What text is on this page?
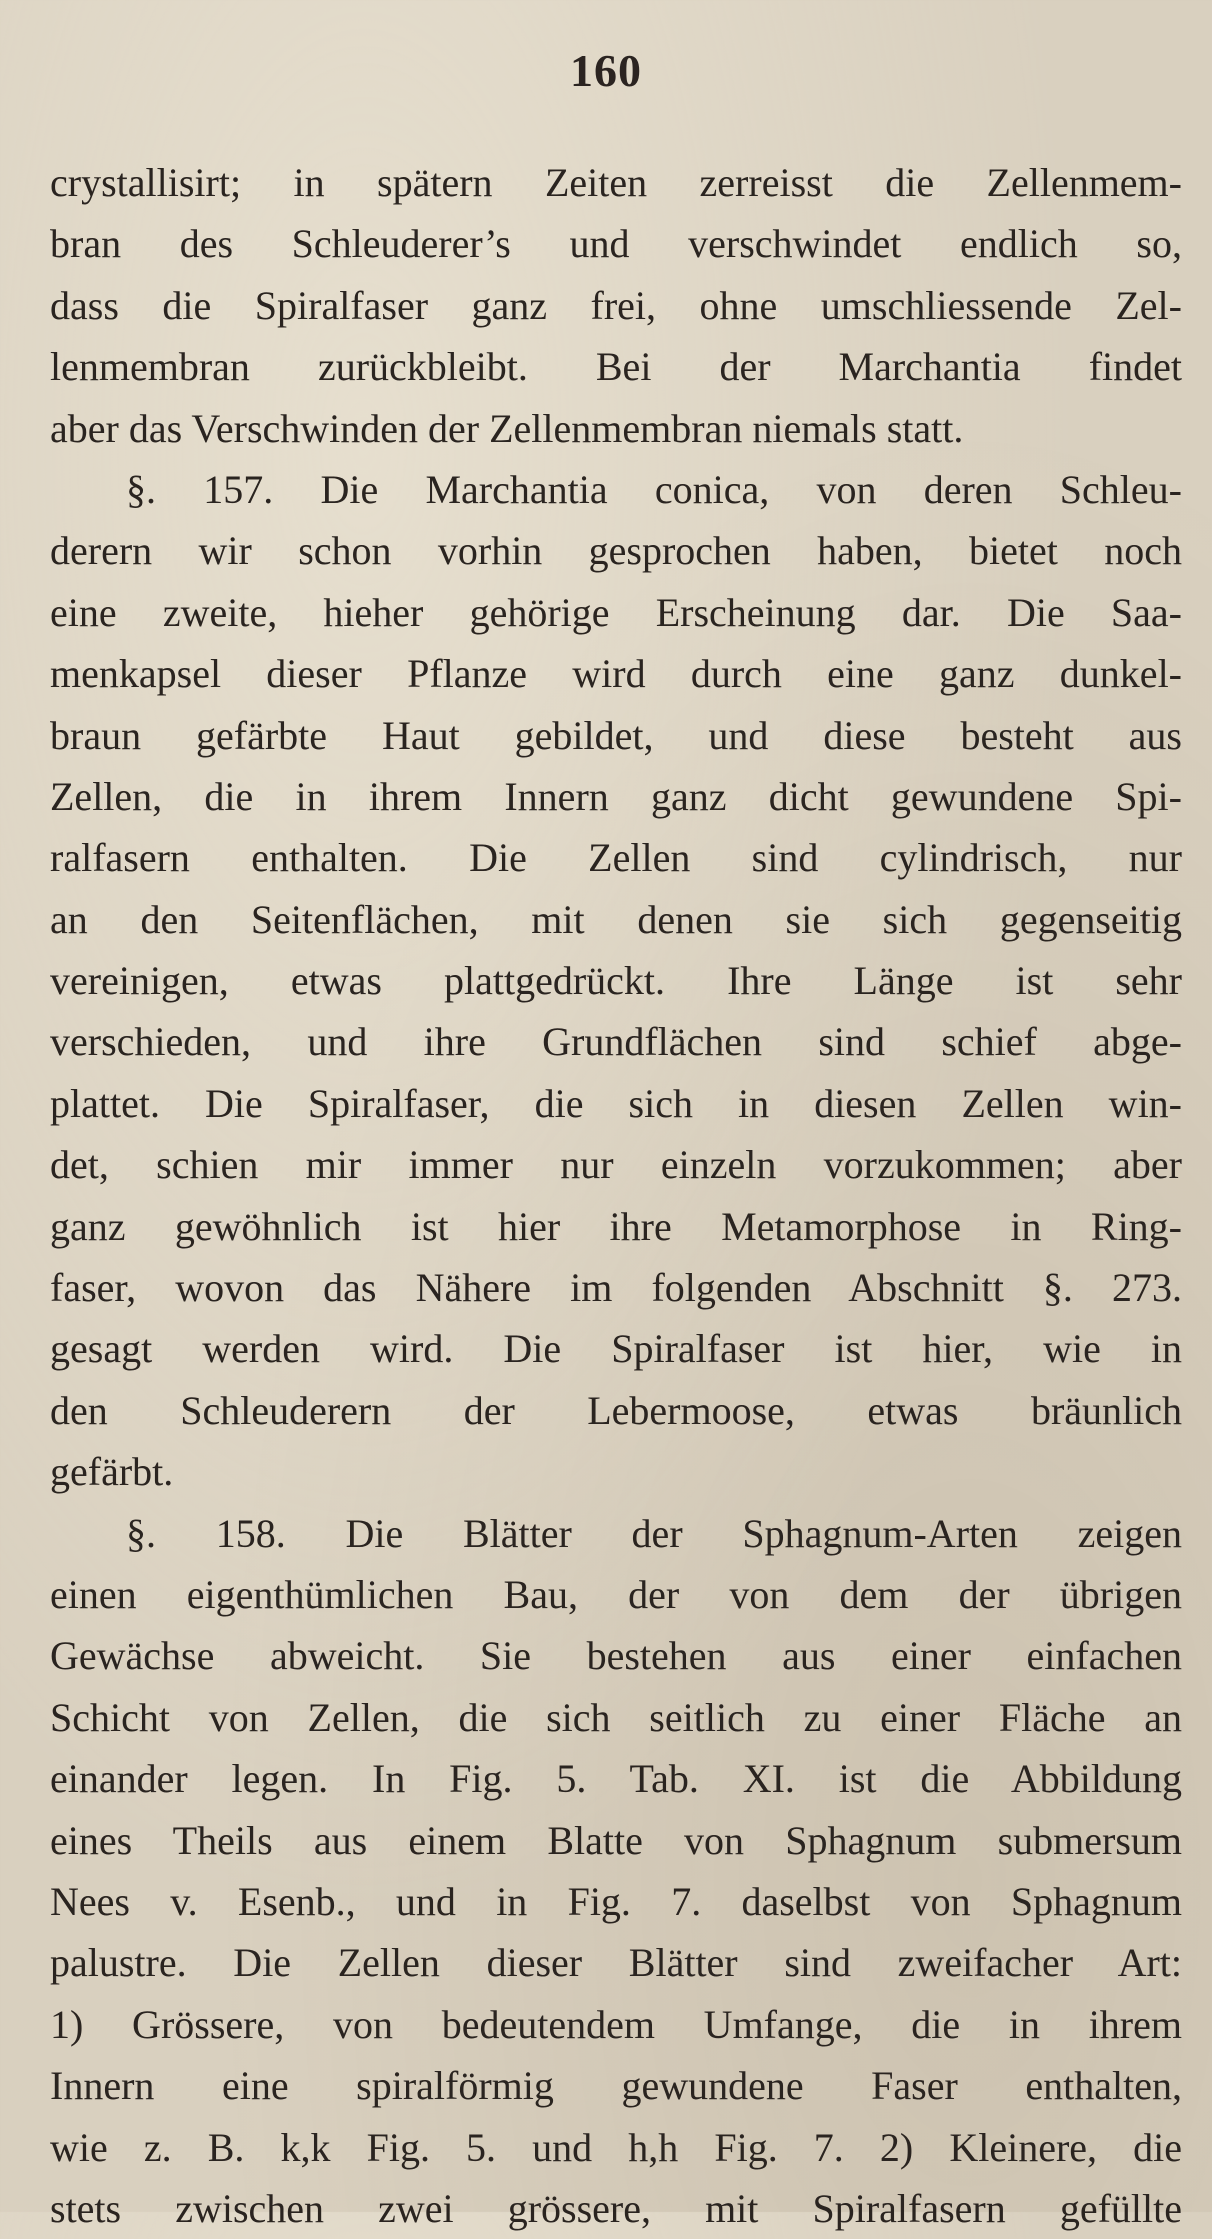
160
crystallisirt; in spätern Zeiten zerreisst die Zellenmem-
bran des Schleuderer’s und verschwindet endlich so,
dass die Spiralfaser ganz frei, ohne umschliessende Zel-
lenmembran zurückbleibt. Bei der Marchantia findet
aber das Verschwinden der Zellenmembran niemals statt.
§. 157. Die Marchantia conica, von deren Schleu-
derern wir schon vorhin gesprochen haben, bietet noch
eine zweite, hieher gehörige Erscheinung dar. Die Saa-
menkapsel dieser Pflanze wird durch eine ganz dunkel-
braun gefärbte Haut gebildet, und diese besteht aus
Zellen, die in ihrem Innern ganz dicht gewundene Spi-
ralfasern enthalten. Die Zellen sind cylindrisch, nur
an den Seitenflächen, mit denen sie sich gegenseitig
vereinigen, etwas plattgedrückt. Ihre Länge ist sehr
verschieden, und ihre Grundflächen sind schief abge-
plattet. Die Spiralfaser, die sich in diesen Zellen win-
det, schien mir immer nur einzeln vorzukommen; aber
ganz gewöhnlich ist hier ihre Metamorphose in Ring-
faser, wovon das Nähere im folgenden Abschnitt §. 273.
gesagt werden wird. Die Spiralfaser ist hier, wie in
den Schleuderern der Lebermoose, etwas bräunlich
gefärbt.
§. 158. Die Blätter der Sphagnum-Arten zeigen
einen eigenthümlichen Bau, der von dem der übrigen
Gewächse abweicht. Sie bestehen aus einer einfachen
Schicht von Zellen, die sich seitlich zu einer Fläche an
einander legen. In Fig. 5. Tab. XI. ist die Abbildung
eines Theils aus einem Blatte von Sphagnum submersum
Nees v. Esenb., und in Fig. 7. daselbst von Sphagnum
palustre. Die Zellen dieser Blätter sind zweifacher Art:
1) Grössere, von bedeutendem Umfange, die in ihrem
Innern eine spiralförmig gewundene Faser enthalten,
wie z. B. k,k Fig. 5. und h,h Fig. 7. 2) Kleinere, die
stets zwischen zwei grössere, mit Spiralfasern gefüllte
